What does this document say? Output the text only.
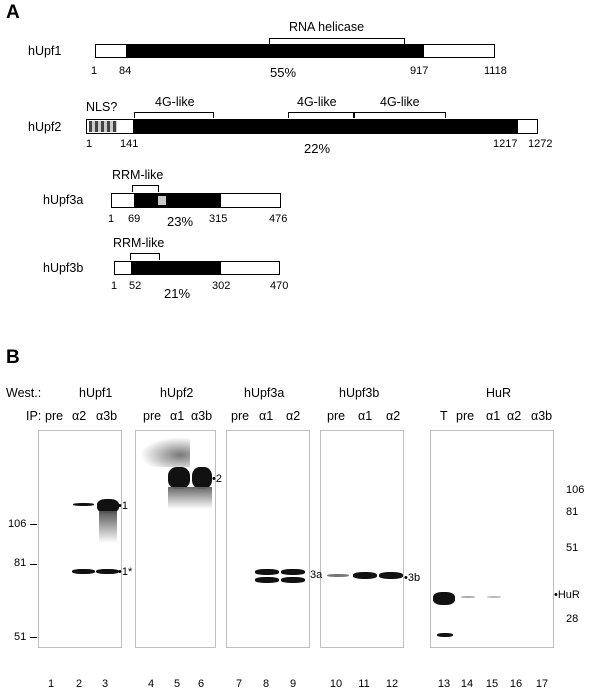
A
hUpf1
RNA helicase
1 84	917	1118
55%
hUpf2
NLS?	4G-like	4G-like	4G-like
1	141	1217 1272
22%
hUpf3a
RRM-like
1 69	315	476
23%
hUpf3b
RRM-like
1 52	302	470
21%
B
West.:
IP:
hUpf1	hUpf2	hUpf3a	hUpf3b	HuR
pre α2 α3b pre α1 α3b pre α1 α2 pre α1 α2	T pre α1 α2 α3b
106
81
51
106
81
51
28
•1
•1*
•2
3a	•3b
•HuR
1	2	3	4	5	6	7	8	9	10 11 12	13 14 15 16 17
